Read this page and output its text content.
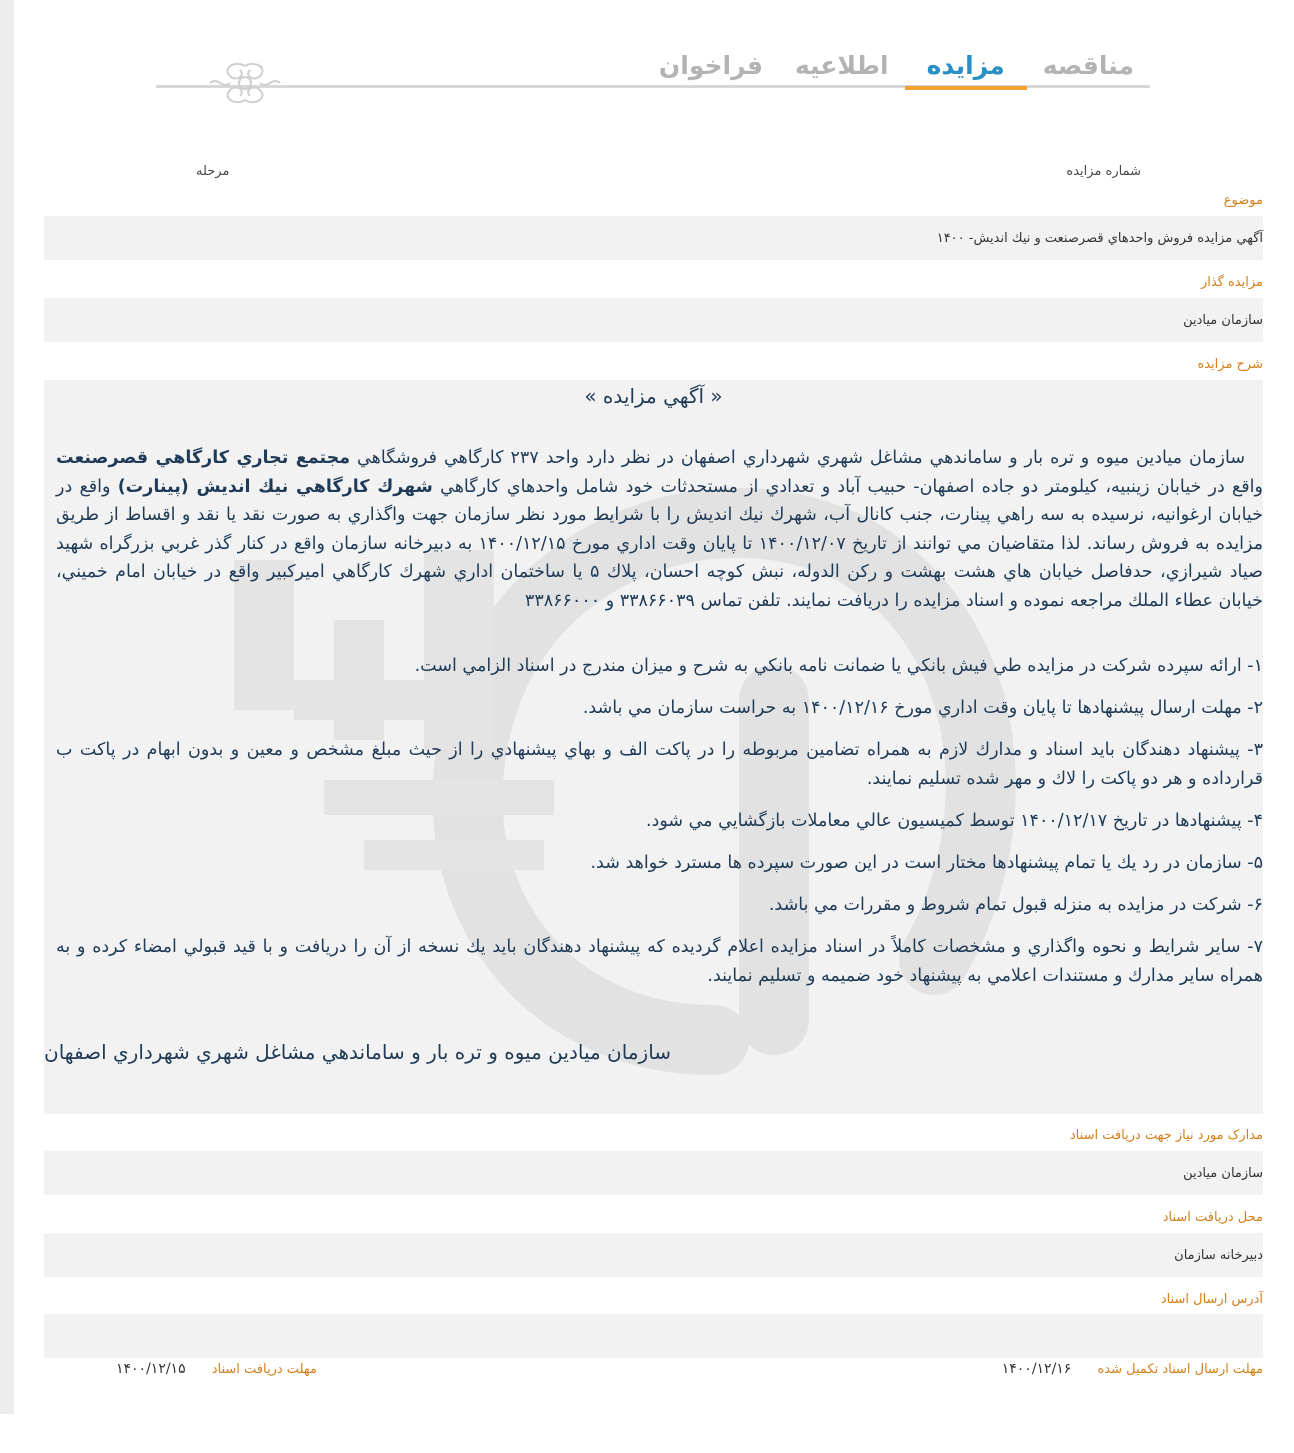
مناقصه
مزايده
اطلاعيه
فراخوان
شماره مزايده
مرحله
موضوع
آگهي مزايده فروش واحدهاي قصرصنعت و نيك انديش- ۱۴۰۰
مزايده گذار
سازمان ميادين
شرح مزايده
« آگهي مزايده »
سازمان ميادين ميوه و تره بار و ساماندهي مشاغل شهري شهرداري اصفهان در نظر دارد واحد ۲۳۷ كارگاهي فروشگاهي مجتمع تجاري كارگاهي قصرصنعت واقع در خيابان زينبيه، كيلومتر دو جاده اصفهان- حبيب آباد و تعدادي از مستحدثات خود شامل واحدهاي كارگاهي شهرك كارگاهي نيك انديش (پينارت) واقع در خيابان ارغوانيه، نرسيده به سه راهي پينارت، جنب كانال آب، شهرك نيك انديش را با شرايط مورد نظر سازمان جهت واگذاري به صورت نقد يا نقد و اقساط از طريق مزايده به فروش رساند. لذا متقاضيان مي توانند از تاريخ ۱۴۰۰/۱۲/۰۷ تا پايان وقت اداري مورخ ۱۴۰۰/۱۲/۱۵ به دبيرخانه سازمان واقع در كنار گذر غربي بزرگراه شهيد صياد شيرازي، حدفاصل خيابان هاي هشت بهشت و ركن الدوله، نبش كوچه احسان، پلاك ۵ يا ساختمان اداري شهرك كارگاهي اميركبير واقع در خيابان امام خميني، خيابان عطاء الملك مراجعه نموده و اسناد مزايده را دريافت نمايند. تلفن تماس ۳۳۸۶۶۰۳۹ و ۳۳۸۶۶۰۰۰
۱- ارائه سپرده شركت در مزايده طي فيش بانكي يا ضمانت نامه بانكي به شرح و ميزان مندرج در اسناد الزامي است.
۲- مهلت ارسال پيشنهادها تا پايان وقت اداري مورخ ۱۴۰۰/۱۲/۱۶ به حراست سازمان مي باشد.
۳- پيشنهاد دهندگان بايد اسناد و مدارك لازم به همراه تضامين مربوطه را در پاكت الف و بهاي پيشنهادي را از حيث مبلغ مشخص و معين و بدون ابهام در پاكت ب قرارداده و هر دو پاكت را لاك و مهر شده تسليم نمايند.
۴- پيشنهادها در تاريخ ۱۴۰۰/۱۲/۱۷ توسط كميسيون عالي معاملات بازگشايي مي شود.
۵- سازمان در رد يك يا تمام پيشنهادها مختار است در اين صورت سپرده ها مسترد خواهد شد.
۶- شركت در مزايده به منزله قبول تمام شروط و مقررات مي باشد.
۷- ساير شرايط و نحوه واگذاري و مشخصات كاملاً در اسناد مزايده اعلام گرديده كه پيشنهاد دهندگان بايد يك نسخه از آن را دريافت و با قيد قبولي امضاء كرده و به همراه ساير مدارك و مستندات اعلامي به پيشنهاد خود ضميمه و تسليم نمايند.
سازمان ميادين ميوه و تره بار و ساماندهي مشاغل شهري شهرداري اصفهان
مدارک مورد نياز جهت دريافت اسناد
سازمان ميادين
محل دريافت اسناد
دبيرخانه سازمان
آدرس ارسال اسناد
مهلت ارسال اسناد تکميل شده ۱۴۰۰/۱۲/۱۶
مهلت دريافت اسناد ۱۴۰۰/۱۲/۱۵
